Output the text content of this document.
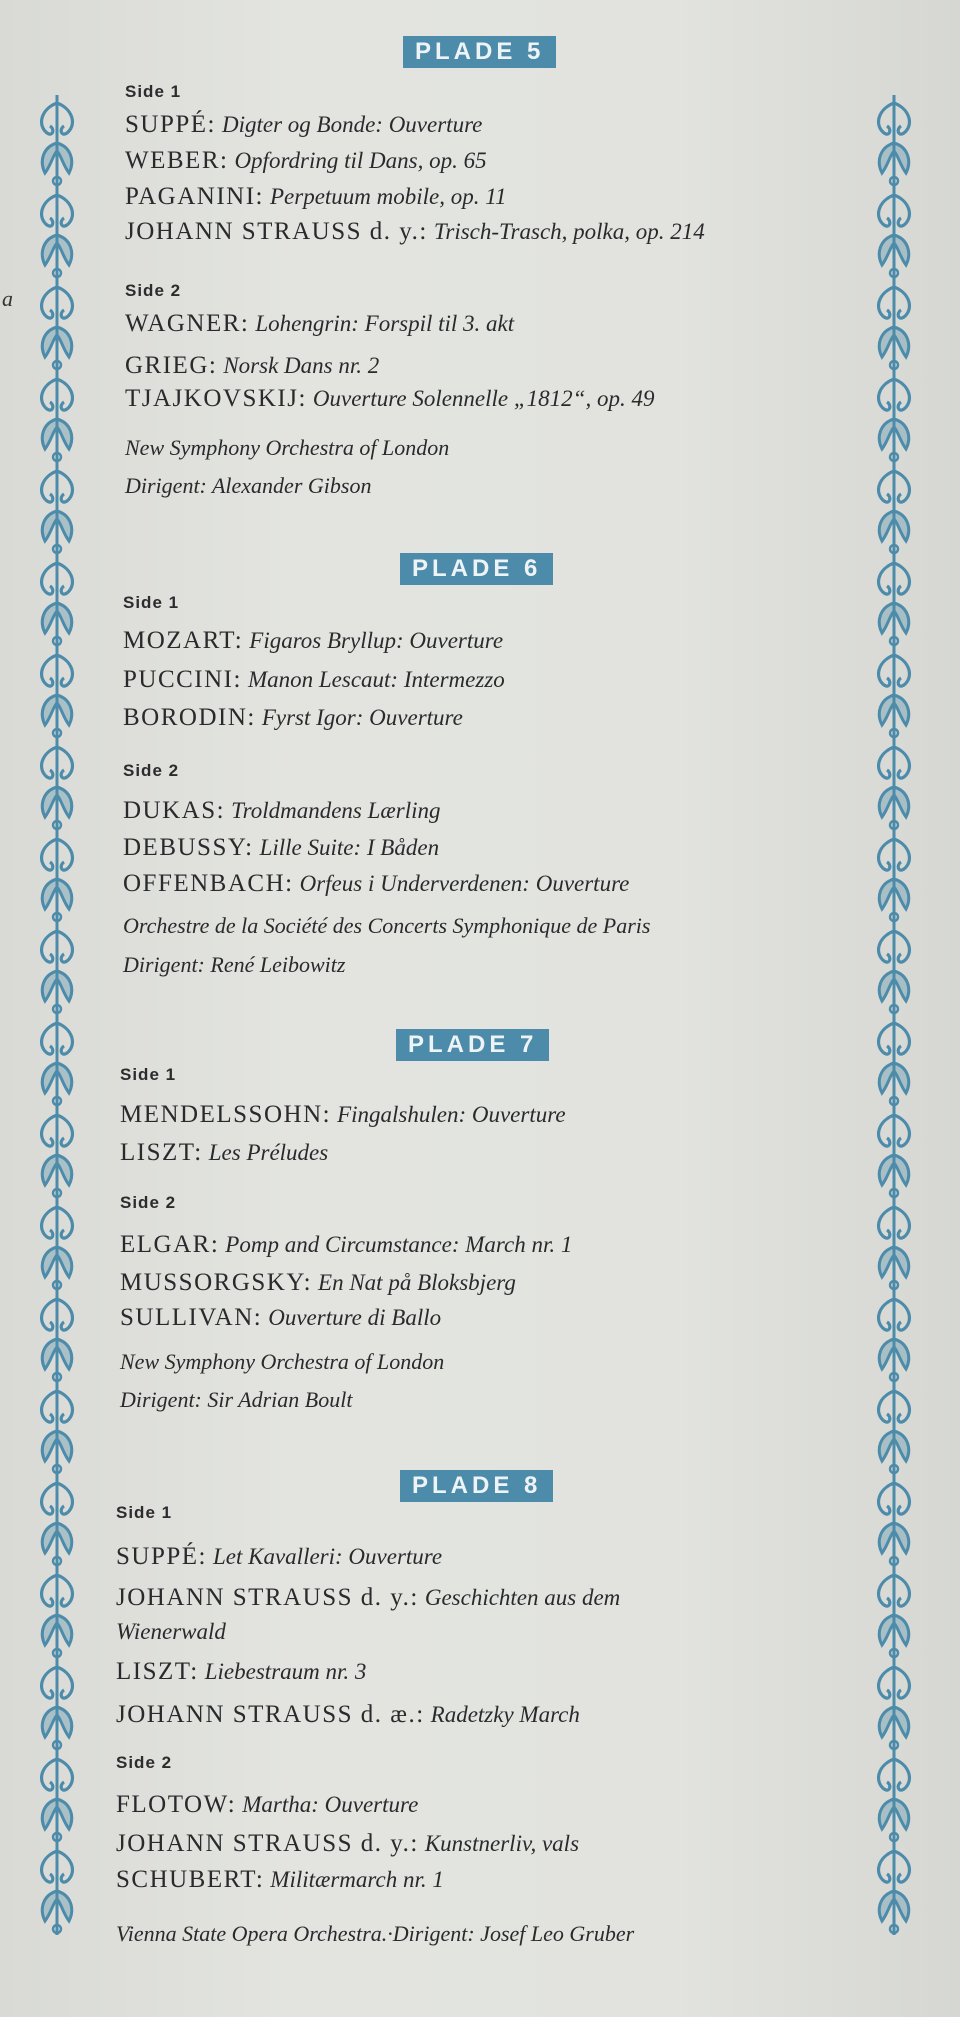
a
PLADE 5
Side 1
SUPPÉ: Digter og Bonde: Ouverture
WEBER: Opfordring til Dans, op. 65
PAGANINI: Perpetuum mobile, op. 11
JOHANN STRAUSS d. y.: Trisch-Trasch, polka, op. 214
Side 2
WAGNER: Lohengrin: Forspil til 3. akt
GRIEG: Norsk Dans nr. 2
TJAJKOVSKIJ: Ouverture Solennelle „1812“, op. 49
New Symphony Orchestra of London
Dirigent: Alexander Gibson
PLADE 6
Side 1
MOZART: Figaros Bryllup: Ouverture
PUCCINI: Manon Lescaut: Intermezzo
BORODIN: Fyrst Igor: Ouverture
Side 2
DUKAS: Troldmandens Lærling
DEBUSSY: Lille Suite: I Båden
OFFENBACH: Orfeus i Underverdenen: Ouverture
Orchestre de la Société des Concerts Symphonique de Paris
Dirigent: René Leibowitz
PLADE 7
Side 1
MENDELSSOHN: Fingalshulen: Ouverture
LISZT: Les Préludes
Side 2
ELGAR: Pomp and Circumstance: March nr. 1
MUSSORGSKY: En Nat på Bloksbjerg
SULLIVAN: Ouverture di Ballo
New Symphony Orchestra of London
Dirigent: Sir Adrian Boult
PLADE 8
Side 1
SUPPÉ: Let Kavalleri: Ouverture
JOHANN STRAUSS d. y.: Geschichten aus dem
Wienerwald
LISZT: Liebestraum nr. 3
JOHANN STRAUSS d. æ.: Radetzky March
Side 2
FLOTOW: Martha: Ouverture
JOHANN STRAUSS d. y.: Kunstnerliv, vals
SCHUBERT: Militærmarch nr. 1
Vienna State Opera Orchestra.·Dirigent: Josef Leo Gruber
